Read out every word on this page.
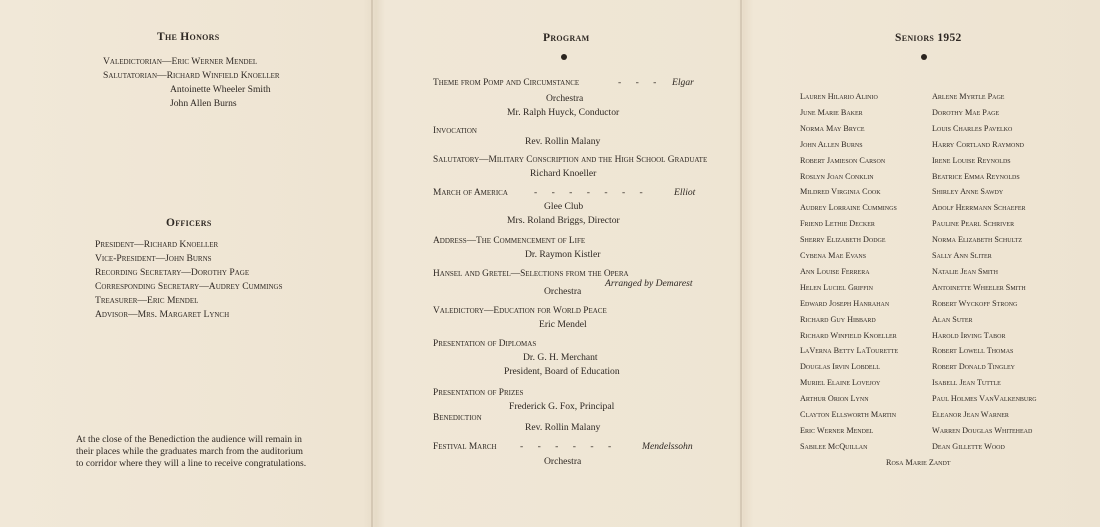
The Honors
Valedictorian—Eric Werner Mendel
Salutatorian—Richard Winfield Knoeller
Antoinette Wheeler Smith
John Allen Burns
Officers
President—Richard Knoeller
Vice-President—John Burns
Recording Secretary—Dorothy Page
Corresponding Secretary—Audrey Cummings
Treasurer—Eric Mendel
Advisor—Mrs. Margaret Lynch
At the close of the Benediction the audience will remain in
their places while the graduates march from the auditorium
to corridor where they will a line to receive congratulations.
Program
Theme from Pomp and Circumstance	- - - Elgar
Orchestra
Mr. Ralph Huyck, Conductor
Invocation
Rev. Rollin Malany
Salutatory—Military Conscription and the High School Graduate
Richard Knoeller
March of America	- - - - - - -	Elliot
Glee Club
Mrs. Roland Briggs, Director
Address—The Commencement of Life
Dr. Raymon Kistler
Hansel and Gretel—Selections from the Opera
Arranged by Demarest
Orchestra
Valedictory—Education for World Peace
Eric Mendel
Presentation of Diplomas
Dr. G. H. Merchant
President, Board of Education
Presentation of Prizes
Frederick G. Fox, Principal
Benediction
Rev. Rollin Malany
Festival March - - - - - -	Mendelssohn
Orchestra
Seniors 1952
Lauren Hilario Alinio
June Marie Baker
Norma May Bryce
John Allen Burns
Robert Jamieson Carson
Roslyn Joan Conklin
Mildred Virginia Cook
Audrey Lorraine Cummings
Friend Lethie Decker
Sherry Elizabeth Dodge
Cybena Mae Evans
Ann Louise Ferrera
Helen Luciel Griffin
Edward Joseph Hanrahan
Richard Guy Hibbard
Richard Winfield Knoeller
LaVerna Betty LaTourette
Douglas Irvin Lobdell
Muriel Elaine Lovejoy
Arthur Orion Lynn
Clayton Ellsworth Martin
Eric Werner Mendel
Sabilee McQuillan
Arlene Myrtle Page
Dorothy Mae Page
Louis Charles Pavelko
Harry Cortland Raymond
Irene Louise Reynolds
Beatrice Emma Reynolds
Shirley Anne Sawdy
Adolf Herrmann Schaefer
Pauline Pearl Schriver
Norma Elizabeth Schultz
Sally Ann Sliter
Natalie Jean Smith
Antoinette Wheeler Smith
Robert Wyckoff Strong
Alan Suter
Harold Irving Tabor
Robert Lowell Thomas
Robert Donald Tingley
Isabell Jean Tuttle
Paul Holmes VanValkenburg
Eleanor Jean Warner
Warren Douglas Whitehead
Dean Gillette Wood
Rosa Marie Zandt
